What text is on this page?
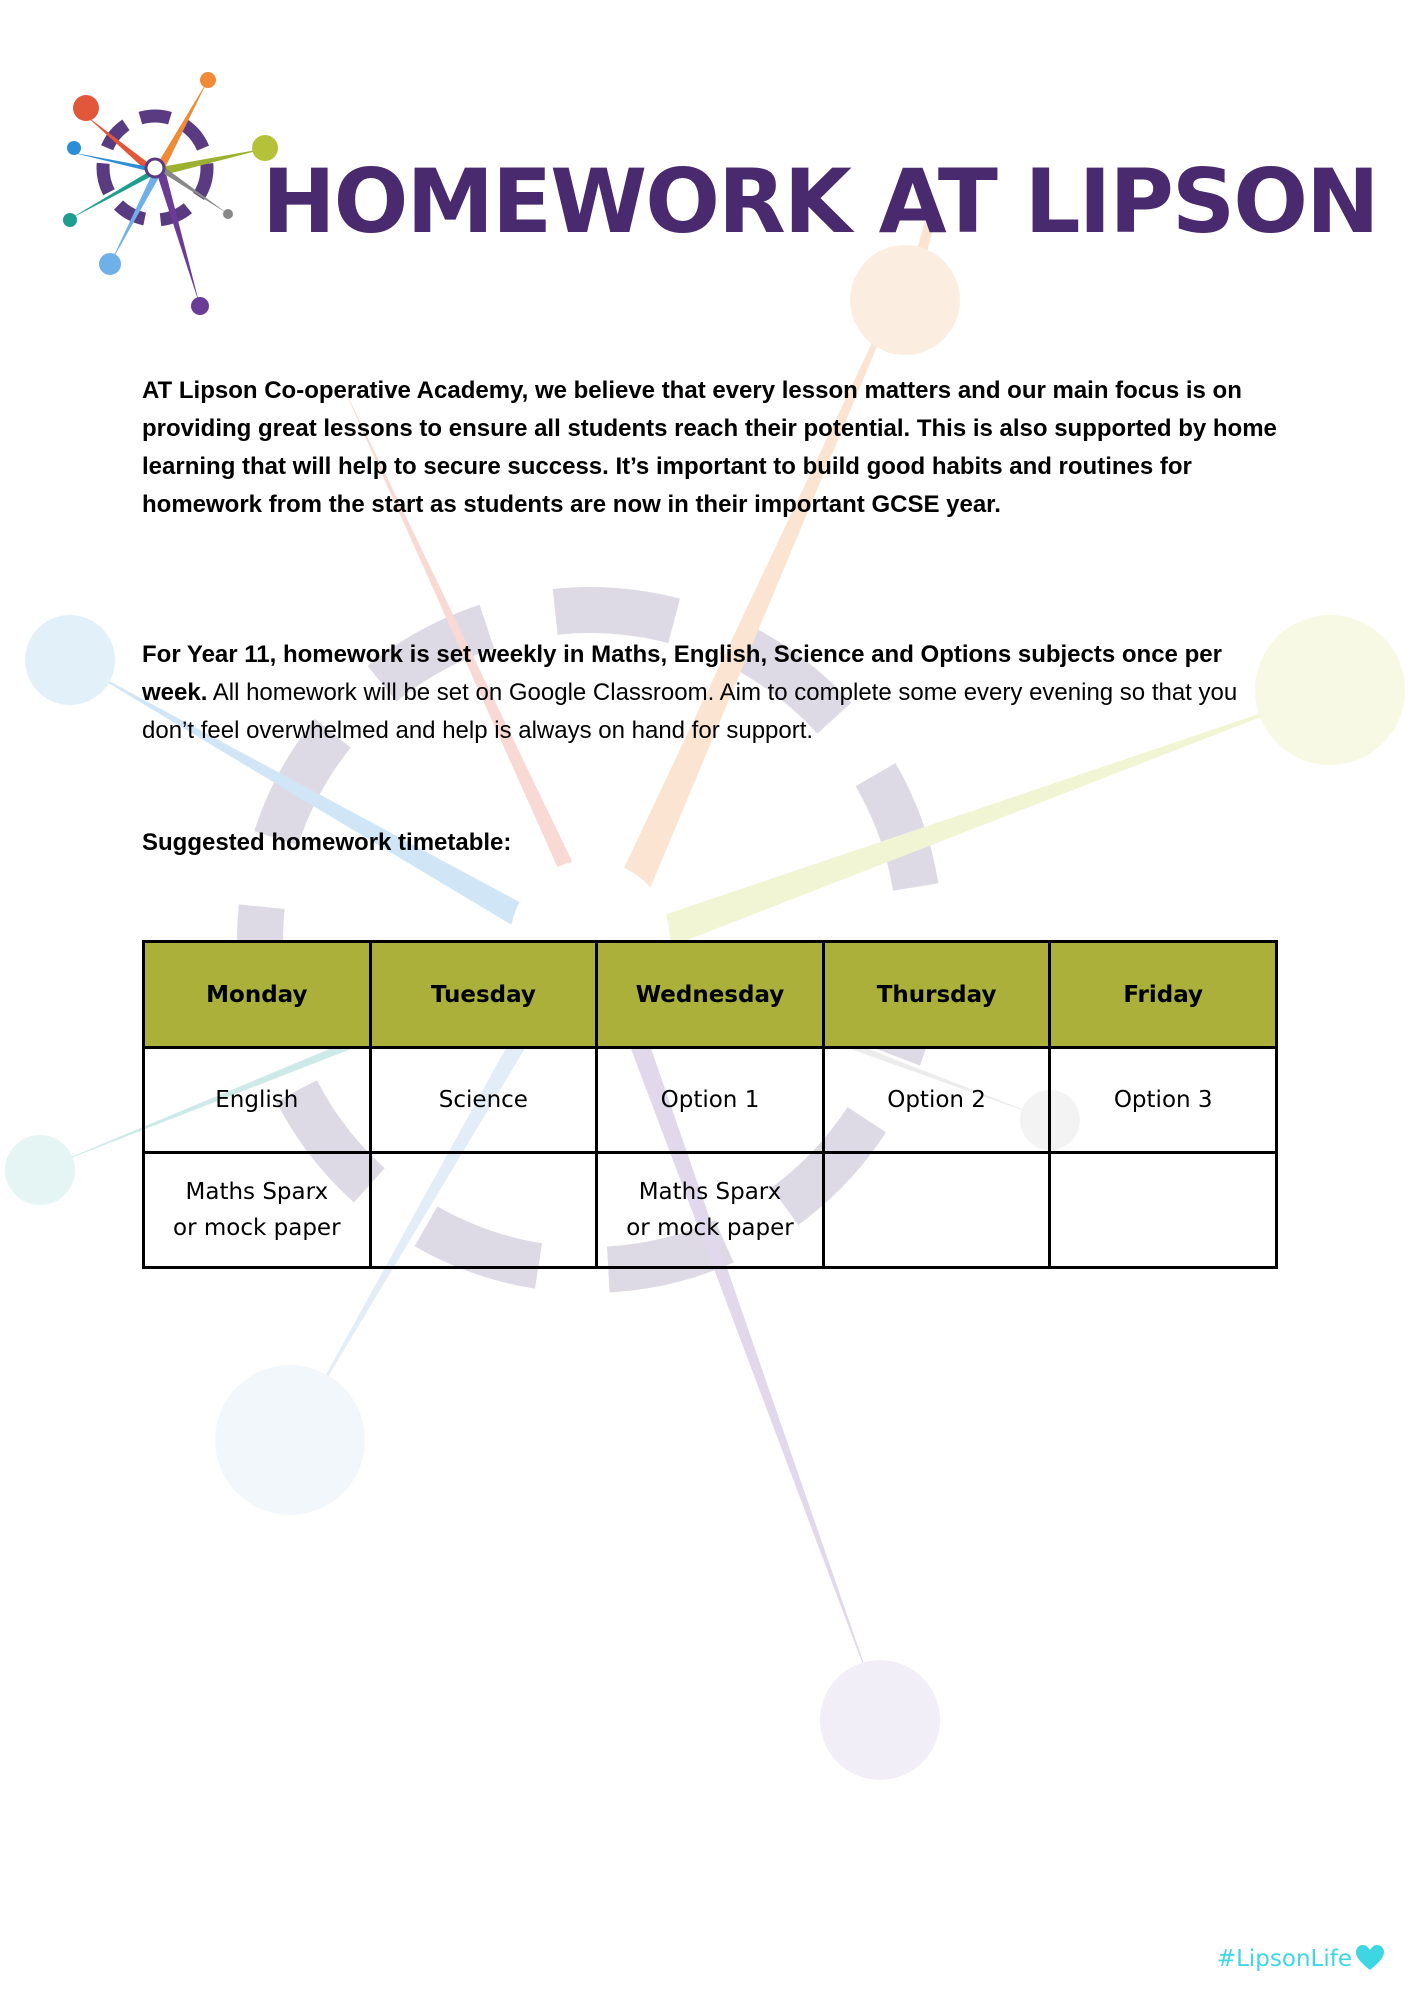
HOMEWORK AT LIPSON
AT Lipson Co-operative Academy, we believe that every lesson matters and our main focus is on providing great lessons to ensure all students reach their potential. This is also supported by home learning that will help to secure success. It’s important to build good habits and routines for homework from the start as students are now in their important GCSE year.
For Year 11, homework is set weekly in Maths, English, Science and Options subjects once per week. All homework will be set on Google Classroom. Aim to complete some every evening so that you don’t feel overwhelmed and help is always on hand for support.
Suggested homework timetable:
Monday	Tuesday	Wednesday	Thursday	Friday
English	Science	Option 1	Option 2	Option 3
Maths Sparx or mock paper		Maths Sparx or mock paper		
#LipsonLife
